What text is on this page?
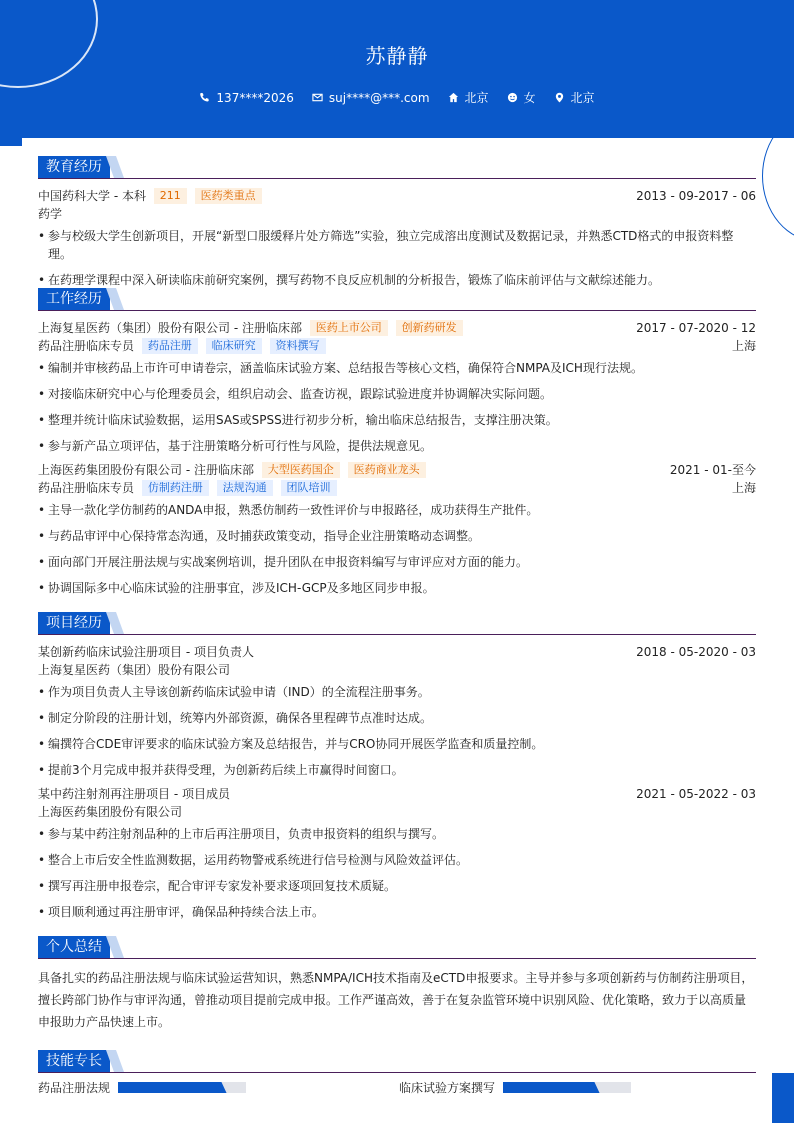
苏静静
137****2026	suj****@***.com	北京	女	北京
教育经历
中国药科大学 - 本科 211 医药类重点	2013 - 09-2017 - 06
药学
• 参与校级大学生创新项目，开展“新型口服缓释片处方筛选”实验，独立完成溶出度测试及数据记录，并熟悉CTD格式的申报资料整理。
• 在药理学课程中深入研读临床前研究案例，撰写药物不良反应机制的分析报告，锻炼了临床前评估与文献综述能力。
工作经历
上海复星医药（集团）股份有限公司 - 注册临床部 医药上市公司 创新药研发	2017 - 07-2020 - 12
药品注册临床专员 药品注册 临床研究 资料撰写	上海
• 编制并审核药品上市许可申请卷宗，涵盖临床试验方案、总结报告等核心文档，确保符合NMPA及ICH现行法规。
• 对接临床研究中心与伦理委员会，组织启动会、监查访视，跟踪试验进度并协调解决实际问题。
• 整理并统计临床试验数据，运用SAS或SPSS进行初步分析，输出临床总结报告，支撑注册决策。
• 参与新产品立项评估，基于注册策略分析可行性与风险，提供法规意见。
上海医药集团股份有限公司 - 注册临床部 大型医药国企 医药商业龙头	2021 - 01-至今
药品注册临床专员 仿制药注册 法规沟通 团队培训	上海
• 主导一款化学仿制药的ANDA申报，熟悉仿制药一致性评价与申报路径，成功获得生产批件。
• 与药品审评中心保持常态沟通，及时捕获政策变动，指导企业注册策略动态调整。
• 面向部门开展注册法规与实战案例培训，提升团队在申报资料编写与审评应对方面的能力。
• 协调国际多中心临床试验的注册事宜，涉及ICH-GCP及多地区同步申报。
项目经历
某创新药临床试验注册项目 - 项目负责人	2018 - 05-2020 - 03
上海复星医药（集团）股份有限公司
• 作为项目负责人主导该创新药临床试验申请（IND）的全流程注册事务。
• 制定分阶段的注册计划，统筹内外部资源，确保各里程碑节点准时达成。
• 编撰符合CDE审评要求的临床试验方案及总结报告，并与CRO协同开展医学监查和质量控制。
• 提前3个月完成申报并获得受理，为创新药后续上市赢得时间窗口。
某中药注射剂再注册项目 - 项目成员	2021 - 05-2022 - 03
上海医药集团股份有限公司
• 参与某中药注射剂品种的上市后再注册项目，负责申报资料的组织与撰写。
• 整合上市后安全性监测数据，运用药物警戒系统进行信号检测与风险效益评估。
• 撰写再注册申报卷宗，配合审评专家发补要求逐项回复技术质疑。
• 项目顺利通过再注册审评，确保品种持续合法上市。
个人总结
具备扎实的药品注册法规与临床试验运营知识，熟悉NMPA/ICH技术指南及eCTD申报要求。主导并参与多项创新药与仿制药注册项目，擅长跨部门协作与审评沟通，曾推动项目提前完成申报。工作严谨高效，善于在复杂监管环境中识别风险、优化策略，致力于以高质量申报助力产品快速上市。
技能专长
药品注册法规	临床试验方案撰写
